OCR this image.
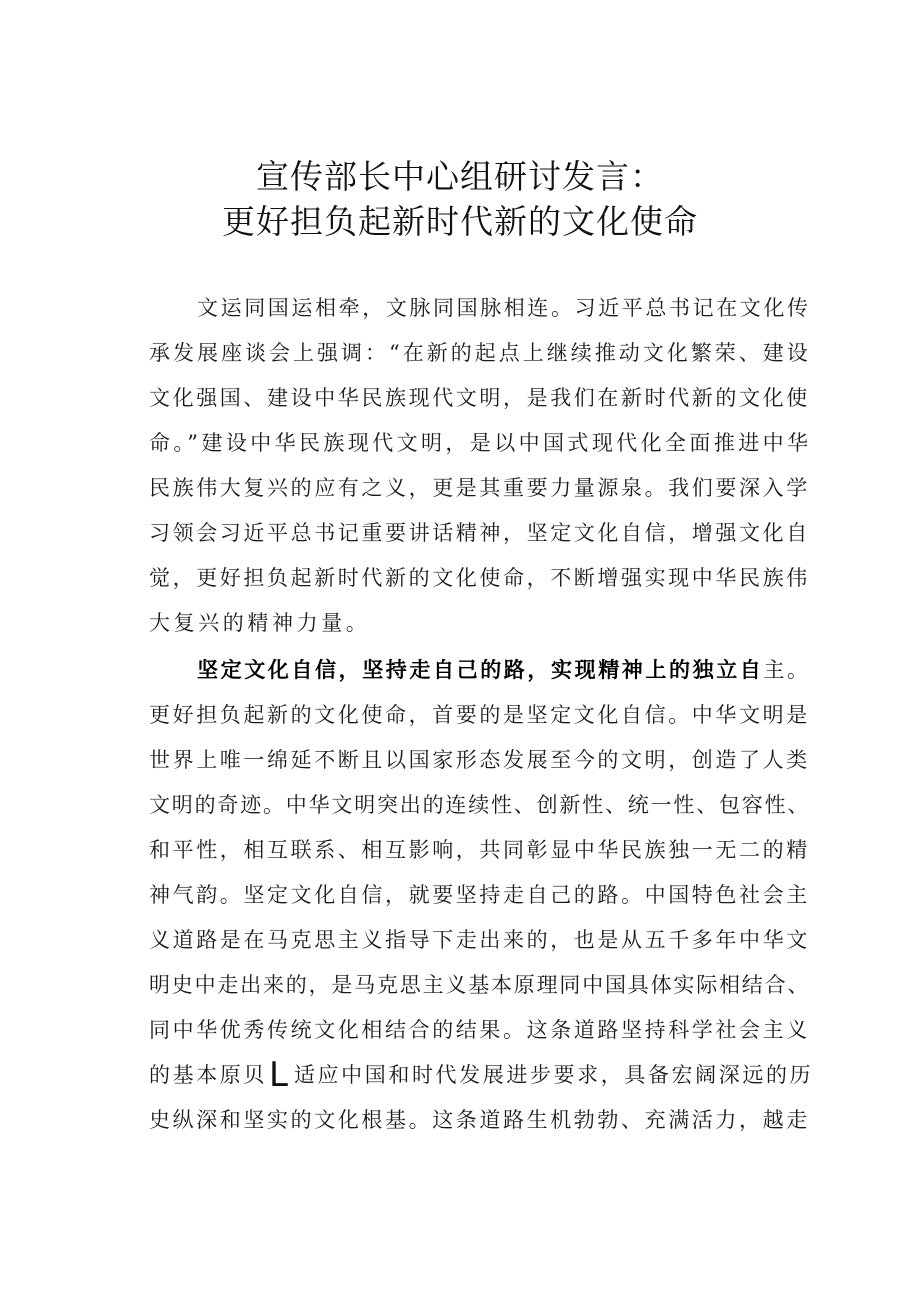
宣传部长中心组研讨发言：
更好担负起新时代新的文化使命
文运同国运相牵，文脉同国脉相连。习近平总书记在文化传
承发展座谈会上强调：“在新的起点上继续推动文化繁荣、建设
文化强国、建设中华民族现代文明，是我们在新时代新的文化使
命。”建设中华民族现代文明，是以中国式现代化全面推进中华
民族伟大复兴的应有之义，更是其重要力量源泉。我们要深入学
习领会习近平总书记重要讲话精神，坚定文化自信，增强文化自
觉，更好担负起新时代新的文化使命，不断增强实现中华民族伟
大复兴的精神力量。
坚定文化自信，坚持走自己的路，实现精神上的独立自主。
更好担负起新的文化使命，首要的是坚定文化自信。中华文明是
世界上唯一绵延不断且以国家形态发展至今的文明，创造了人类
文明的奇迹。中华文明突出的连续性、创新性、统一性、包容性、
和平性，相互联系、相互影响，共同彰显中华民族独一无二的精
神气韵。坚定文化自信，就要坚持走自己的路。中国特色社会主
义道路是在马克思主义指导下走出来的，也是从五千多年中华文
明史中走出来的，是马克思主义基本原理同中国具体实际相结合、
同中华优秀传统文化相结合的结果。这条道路坚持科学社会主义
的基本原贝L 适应中国和时代发展进步要求，具备宏阔深远的历
史纵深和坚实的文化根基。这条道路生机勃勃、充满活力，越走
